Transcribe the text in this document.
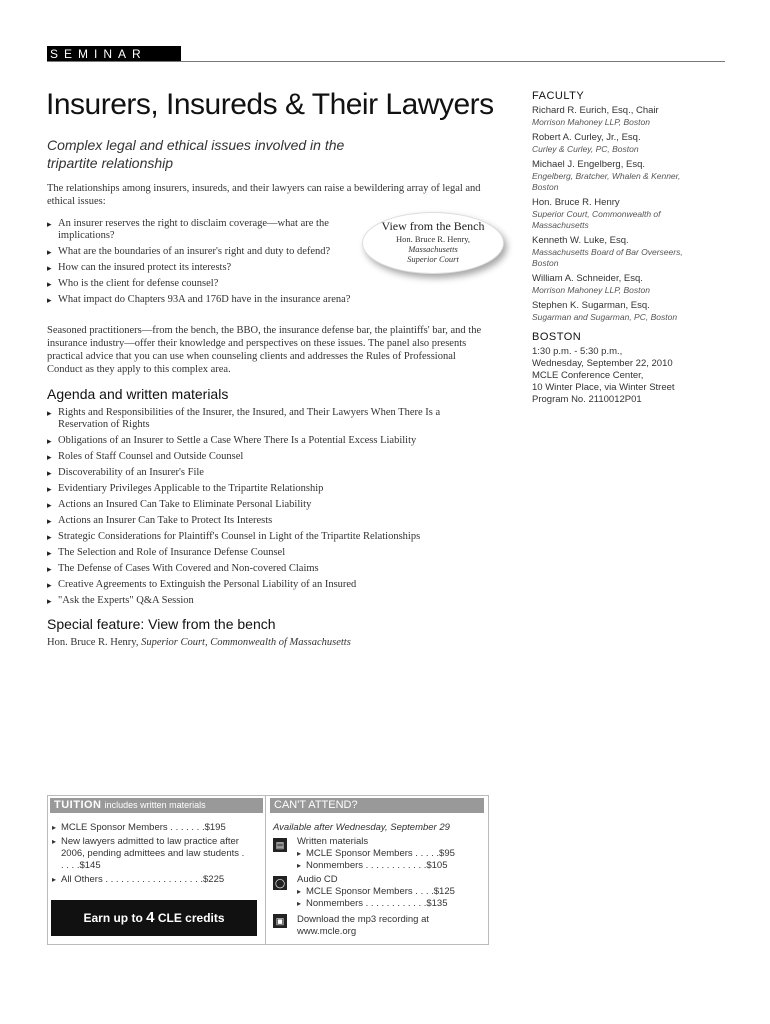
SEMINAR
Insurers, Insureds & Their Lawyers
Complex legal and ethical issues involved in the tripartite relationship
The relationships among insurers, insureds, and their lawyers can raise a bewildering array of legal and ethical issues:
▸ An insurer reserves the right to disclaim coverage—what are the implications?
▸ What are the boundaries of an insurer's right and duty to defend?
▸ How can the insured protect its interests?
▸ Who is the client for defense counsel?
▸ What impact do Chapters 93A and 176D have in the insurance arena?
View from the Bench
Hon. Bruce R. Henry,
Massachusetts
Superior Court
Seasoned practitioners—from the bench, the BBO, the insurance defense bar, the plaintiffs' bar, and the insurance industry—offer their knowledge and perspectives on these issues. The panel also presents practical advice that you can use when counseling clients and addresses the Rules of Professional Conduct as they apply to this complex area.
Agenda and written materials
▸ Rights and Responsibilities of the Insurer, the Insured, and Their Lawyers When There Is a Reservation of Rights
▸ Obligations of an Insurer to Settle a Case Where There Is a Potential Excess Liability
▸ Roles of Staff Counsel and Outside Counsel
▸ Discoverability of an Insurer's File
▸ Evidentiary Privileges Applicable to the Tripartite Relationship
▸ Actions an Insured Can Take to Eliminate Personal Liability
▸ Actions an Insurer Can Take to Protect Its Interests
▸ Strategic Considerations for Plaintiff's Counsel in Light of the Tripartite Relationships
▸ The Selection and Role of Insurance Defense Counsel
▸ The Defense of Cases With Covered and Non-covered Claims
▸ Creative Agreements to Extinguish the Personal Liability of an Insured
▸ "Ask the Experts" Q&A Session
Special feature: View from the bench
Hon. Bruce R. Henry, Superior Court, Commonwealth of Massachusetts
FACULTY
Richard R. Eurich, Esq., Chair
Morrison Mahoney LLP, Boston
Robert A. Curley, Jr., Esq.
Curley & Curley, PC, Boston
Michael J. Engelberg, Esq.
Engelberg, Bratcher, Whalen & Kenner, Boston
Hon. Bruce R. Henry
Superior Court, Commonwealth of Massachusetts
Kenneth W. Luke, Esq.
Massachusetts Board of Bar Overseers, Boston
William A. Schneider, Esq.
Morrison Mahoney LLP, Boston
Stephen K. Sugarman, Esq.
Sugarman and Sugarman, PC, Boston
BOSTON
1:30 p.m. - 5:30 p.m.,
Wednesday, September 22, 2010
MCLE Conference Center,
10 Winter Place, via Winter Street
Program No. 2110012P01
TUITION includes written materials
▸ MCLE Sponsor Members . . . . . . .$195
▸ New lawyers admitted to law practice after 2006, pending admittees and law students . . . . .$145
▸ All Others . . . . . . . . . . . . . . . . . . .$225
Earn up to 4 CLE credits
CAN'T ATTEND?
Available after Wednesday, September 29
▤ Written materials
▸ MCLE Sponsor Members . . . . .$95
▸ Nonmembers . . . . . . . . . . . .$105
◯ Audio CD
▸ MCLE Sponsor Members . . . .$125
▸ Nonmembers . . . . . . . . . . . .$135
▣ Download the mp3 recording at www.mcle.org
